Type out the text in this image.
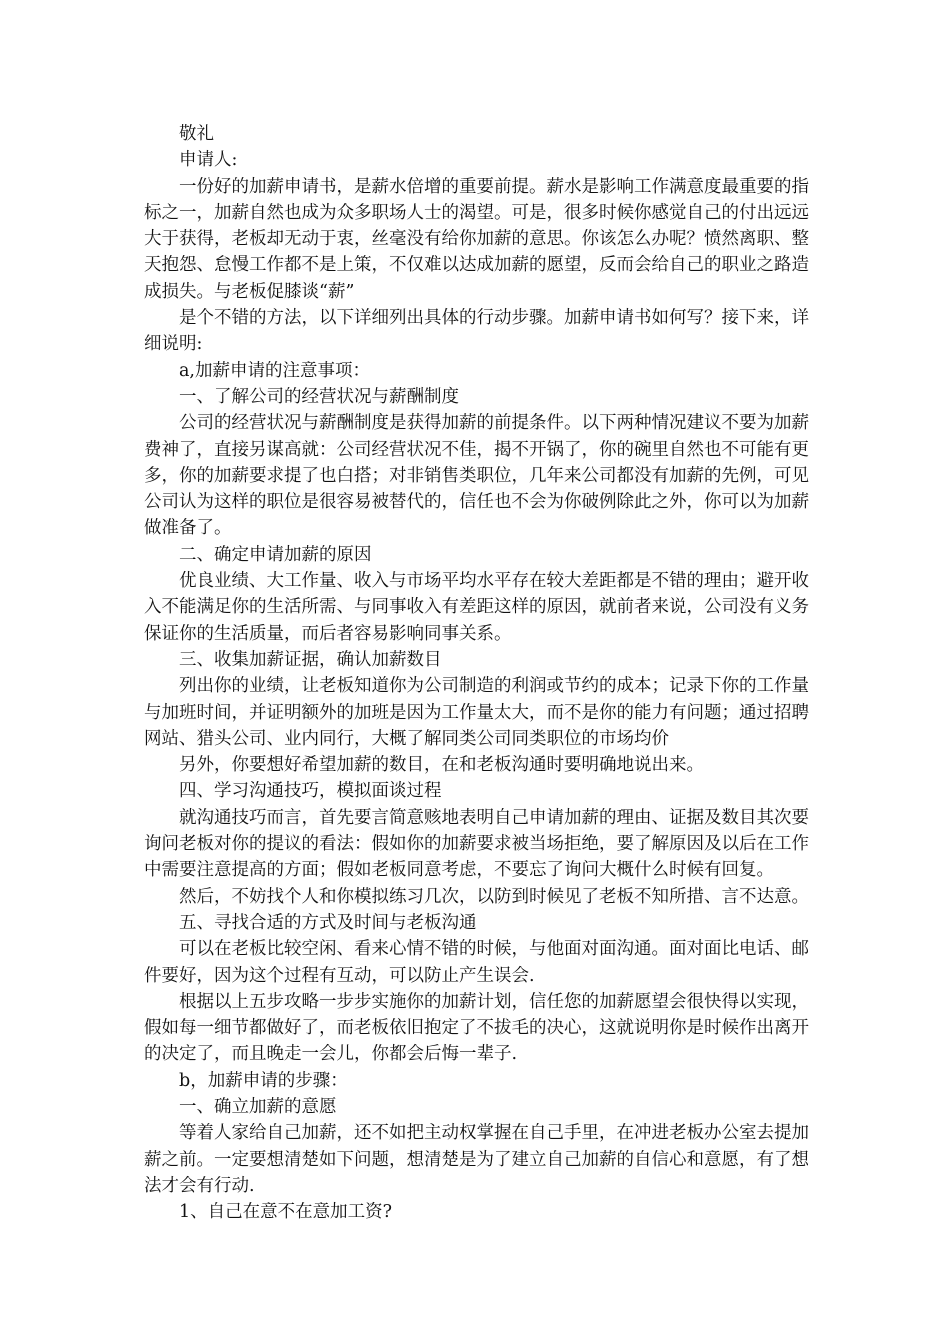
敬礼

申请人:

一份好的加薪申请书，是薪水倍增的重要前提。薪水是影响工作满意度最重要的指标之一，加薪自然也成为众多职场人士的渴望。可是，很多时候你感觉自己的付出远远大于获得，老板却无动于衷，丝毫没有给你加薪的意思。你该怎么办呢？愤然离职、整天抱怨、怠慢工作都不是上策，不仅难以达成加薪的愿望，反而会给自己的职业之路造成损失。与老板促膝谈“薪”

是个不错的方法，以下详细列出具体的行动步骤。加薪申请书如何写？接下来，详细说明:

a,加薪申请的注意事项：

一、了解公司的经营状况与薪酬制度

公司的经营状况与薪酬制度是获得加薪的前提条件。以下两种情况建议不要为加薪费神了，直接另谋高就：公司经营状况不佳，揭不开锅了，你的碗里自然也不可能有更多，你的加薪要求提了也白搭；对非销售类职位，几年来公司都没有加薪的先例，可见公司认为这样的职位是很容易被替代的，信任也不会为你破例除此之外，你可以为加薪做准备了。

二、确定申请加薪的原因

优良业绩、大工作量、收入与市场平均水平存在较大差距都是不错的理由；避开收入不能满足你的生活所需、与同事收入有差距这样的原因，就前者来说，公司没有义务保证你的生活质量，而后者容易影响同事关系。

三、收集加薪证据，确认加薪数目

列出你的业绩，让老板知道你为公司制造的利润或节约的成本；记录下你的工作量与加班时间，并证明额外的加班是因为工作量太大，而不是你的能力有问题；通过招聘网站、猎头公司、业内同行，大概了解同类公司同类职位的市场均价

另外，你要想好希望加薪的数目，在和老板沟通时要明确地说出来。

四、学习沟通技巧，模拟面谈过程

就沟通技巧而言，首先要言简意赅地表明自己申请加薪的理由、证据及数目其次要询问老板对你的提议的看法：假如你的加薪要求被当场拒绝，要了解原因及以后在工作中需要注意提高的方面；假如老板同意考虑，不要忘了询问大概什么时候有回复。

然后，不妨找个人和你模拟练习几次，以防到时候见了老板不知所措、言不达意。

五、寻找合适的方式及时间与老板沟通

可以在老板比较空闲、看来心情不错的时候，与他面对面沟通。面对面比电话、邮件要好，因为这个过程有互动，可以防止产生误会.

根据以上五步攻略一步步实施你的加薪计划，信任您的加薪愿望会很快得以实现，假如每一细节都做好了，而老板依旧抱定了不拔毛的决心，这就说明你是时候作出离开的决定了，而且晚走一会儿，你都会后悔一辈子.

b，加薪申请的步骤：

一、确立加薪的意愿

等着人家给自己加薪，还不如把主动权掌握在自己手里，在冲进老板办公室去提加薪之前。一定要想清楚如下问题，想清楚是为了建立自己加薪的自信心和意愿，有了想法才会有行动.

1、自己在意不在意加工资?
